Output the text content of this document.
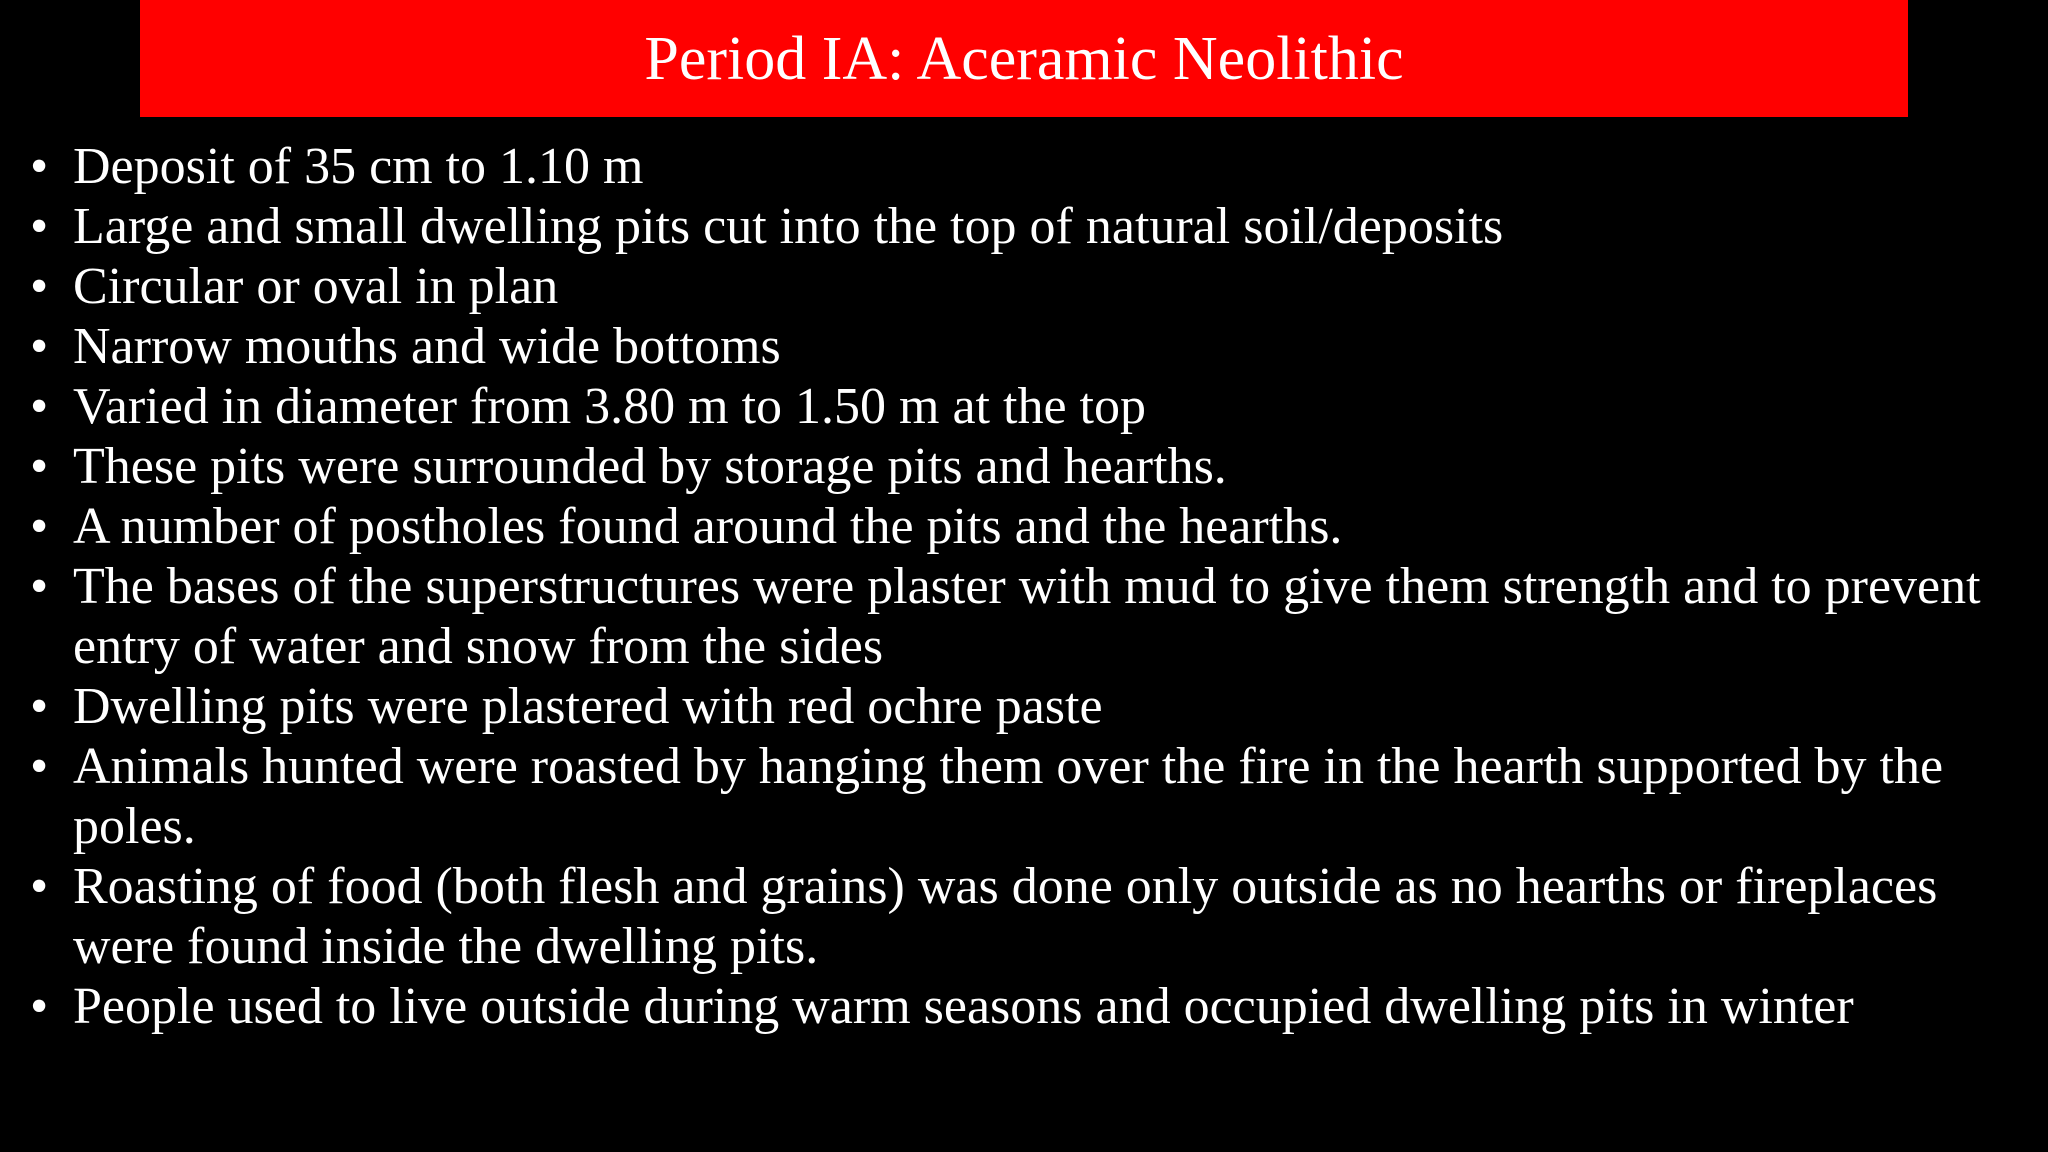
Period IA: Aceramic Neolithic
• Deposit of 35 cm to 1.10 m
• Large and small dwelling pits cut into the top of natural soil/deposits
• Circular or oval in plan
• Narrow mouths and wide bottoms
• Varied in diameter from 3.80 m to 1.50 m at the top
• These pits were surrounded by storage pits and hearths.
• A number of postholes found around the pits and the hearths.
• The bases of the superstructures were plaster with mud to give them strength and to prevent entry of water and snow from the sides
• Dwelling pits were plastered with red ochre paste
• Animals hunted were roasted by hanging them over the fire in the hearth supported by the poles.
• Roasting of food (both flesh and grains) was done only outside as no hearths or fireplaces were found inside the dwelling pits.
• People used to live outside during warm seasons and occupied dwelling pits in winter
